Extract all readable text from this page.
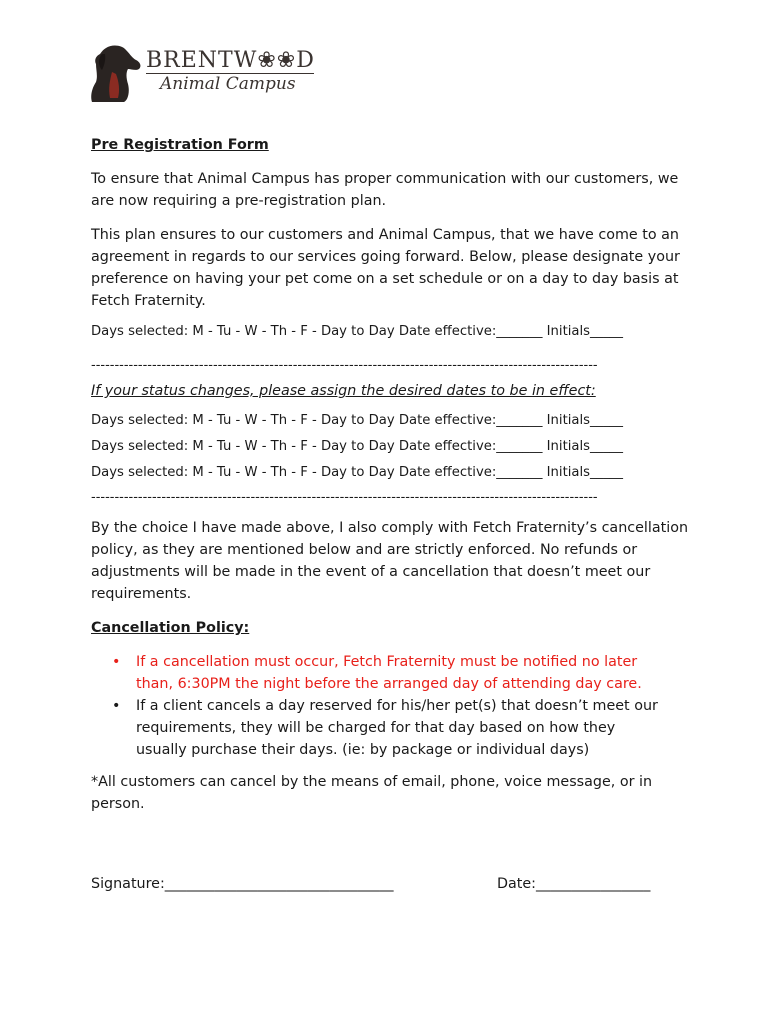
BRENTW❀❀D
Animal Campus
Pre Registration Form
To ensure that Animal Campus has proper communication with our customers, we are now requiring a pre-registration plan.
This plan ensures to our customers and Animal Campus, that we have come to an agreement in regards to our services going forward. Below, please designate your preference on having your pet come on a set schedule or on a day to day basis at Fetch Fraternity.
Days selected: M - Tu - W - Th - F - Day to Day Date effective:_______ Initials_____
------------------------------------------------------------------------------------------------------------
If your status changes, please assign the desired dates to be in effect:
Days selected: M - Tu - W - Th - F - Day to Day Date effective:_______ Initials_____
Days selected: M - Tu - W - Th - F - Day to Day Date effective:_______ Initials_____
Days selected: M - Tu - W - Th - F - Day to Day Date effective:_______ Initials_____
------------------------------------------------------------------------------------------------------------
By the choice I have made above, I also comply with Fetch Fraternity’s cancellation policy, as they are mentioned below and are strictly enforced. No refunds or adjustments will be made in the event of a cancellation that doesn’t meet our requirements.
Cancellation Policy:
• If a cancellation must occur, Fetch Fraternity must be notified no later than, 6:30PM the night before the arranged day of attending day care.
• If a client cancels a day reserved for his/her pet(s) that doesn’t meet our requirements, they will be charged for that day based on how they usually purchase their days. (ie: by package or individual days)
*All customers can cancel by the means of email, phone, voice message, or in person.
Signature:________________________________	Date:________________
